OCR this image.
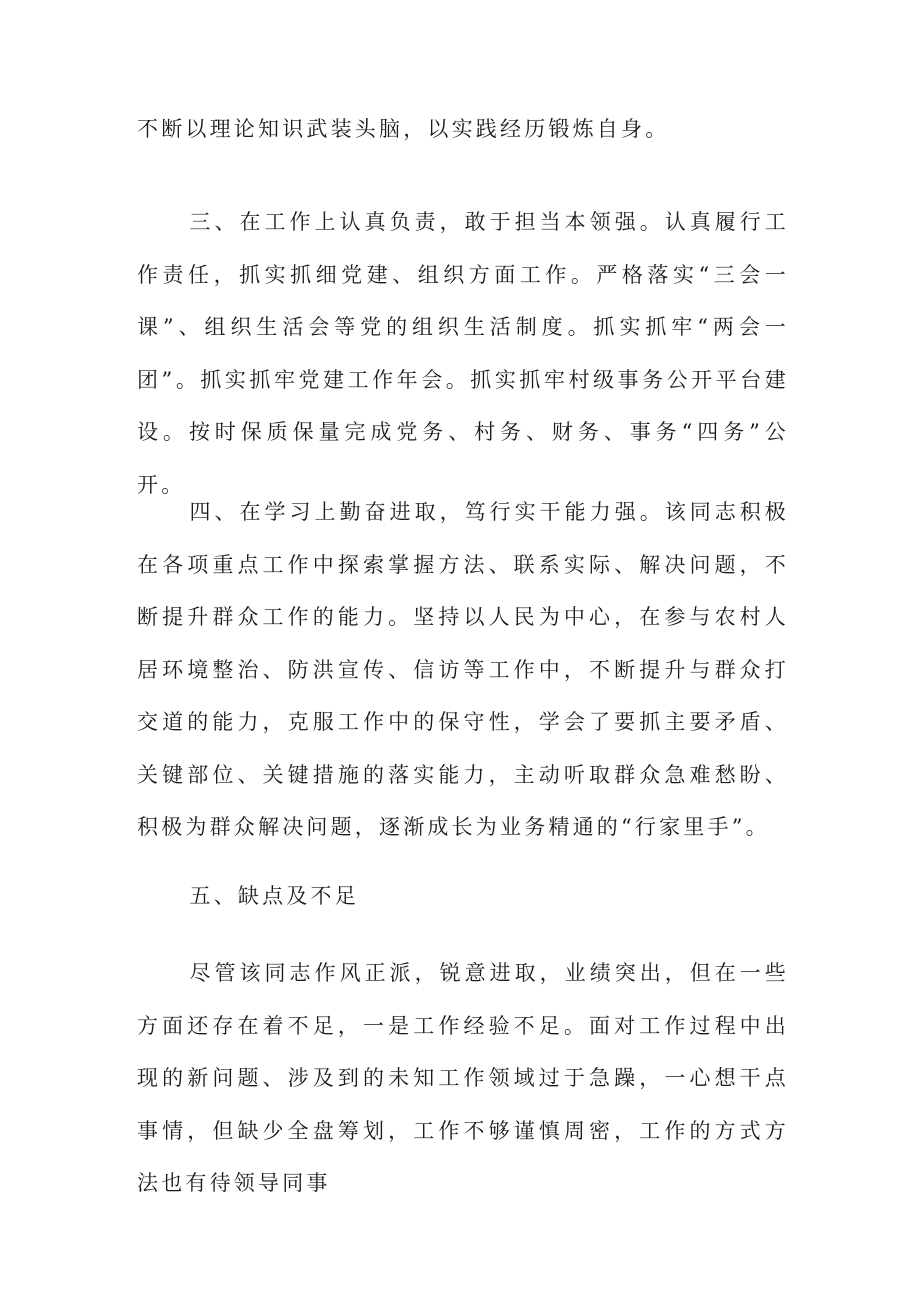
不断以理论知识武装头脑，以实践经历锻炼自身。

三、在工作上认真负责，敢于担当本领强。认真履行工作责任，抓实抓细党建、组织方面工作。严格落实“三会一课”、组织生活会等党的组织生活制度。抓实抓牢“两会一团”。抓实抓牢党建工作年会。抓实抓牢村级事务公开平台建设。按时保质保量完成党务、村务、财务、事务“四务”公开。

四、在学习上勤奋进取，笃行实干能力强。该同志积极在各项重点工作中探索掌握方法、联系实际、解决问题，不断提升群众工作的能力。坚持以人民为中心，在参与农村人居环境整治、防洪宣传、信访等工作中，不断提升与群众打交道的能力，克服工作中的保守性，学会了要抓主要矛盾、关键部位、关键措施的落实能力，主动听取群众急难愁盼、积极为群众解决问题，逐渐成长为业务精通的“行家里手”。

五、缺点及不足

尽管该同志作风正派，锐意进取，业绩突出，但在一些方面还存在着不足，一是工作经验不足。面对工作过程中出现的新问题、涉及到的未知工作领域过于急躁，一心想干点事情，但缺少全盘筹划，工作不够谨慎周密，工作的方式方法也有待领导同事
